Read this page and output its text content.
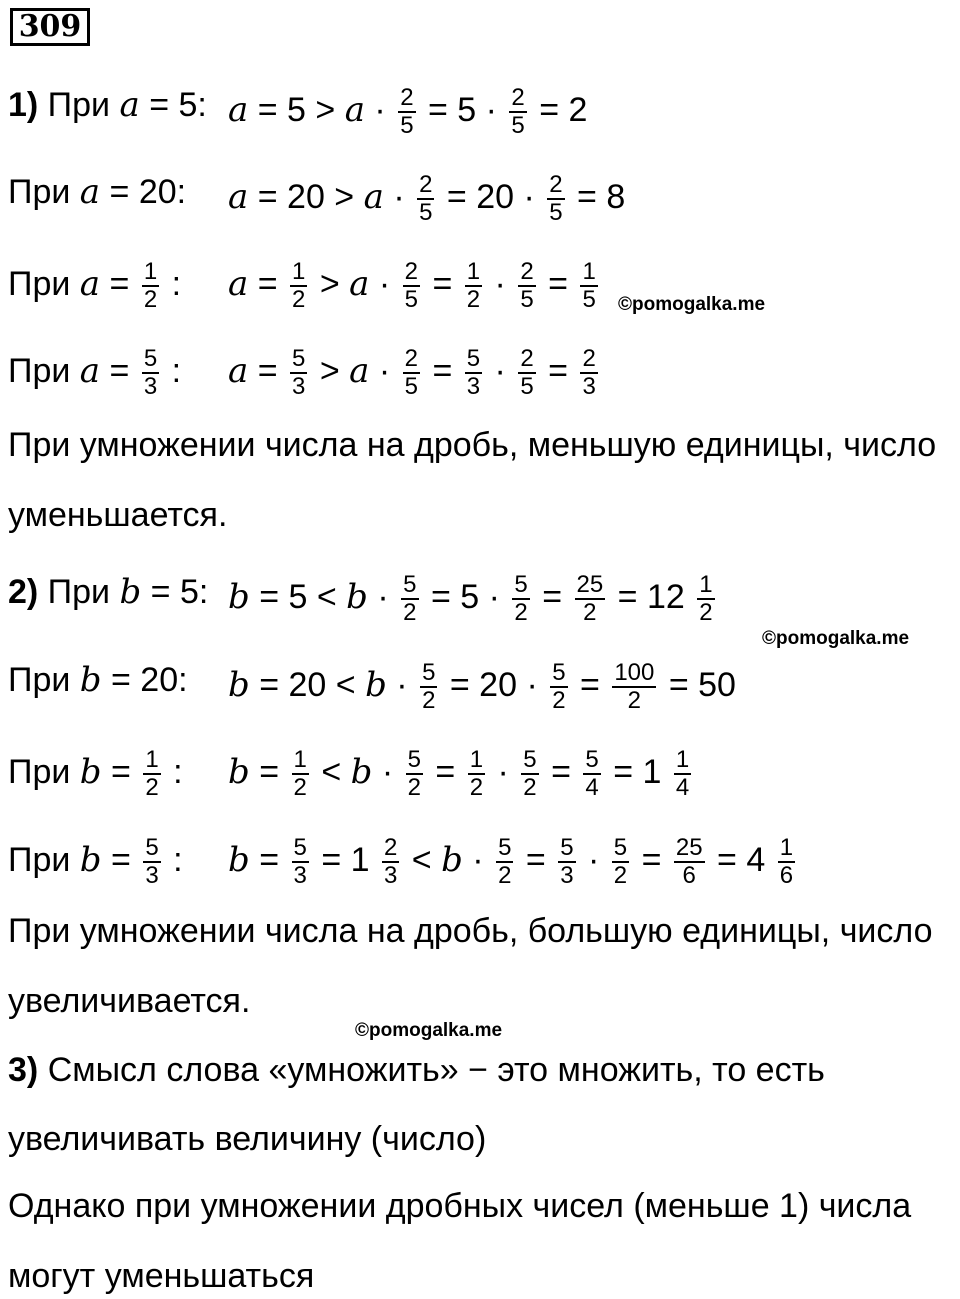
309
1) При a = 5: $a = 5 > a \cdot \frac{2}{5} = 5 \cdot \frac{2}{5} = 2$
При a = 20: $a = 20 > a \cdot \frac{2}{5} = 20 \cdot \frac{2}{5} = 8$
При $a = \frac{1}{2}$ : $a = \frac{1}{2} > a \cdot \frac{2}{5} = \frac{1}{2} \cdot \frac{2}{5} = \frac{1}{5}$ ©pomogalka.me
При $a = \frac{5}{3}$ : $a = \frac{5}{3} > a \cdot \frac{2}{5} = \frac{5}{3} \cdot \frac{2}{5} = \frac{2}{3}$
При умножении числа на дробь, меньшую единицы, число
уменьшается.
2) При b = 5: $b = 5 < b \cdot \frac{5}{2} = 5 \cdot \frac{5}{2} = \frac{25}{2} = 12 \frac{1}{2}$
©pomogalka.me
При b = 20: $b = 20 < b \cdot \frac{5}{2} = 20 \cdot \frac{5}{2} = \frac{100}{2} = 50$
При $b = \frac{1}{2}$ : $b = \frac{1}{2} < b \cdot \frac{5}{2} = \frac{1}{2} \cdot \frac{5}{2} = \frac{5}{4} = 1 \frac{1}{4}$
При $b = \frac{5}{3}$ : $b = \frac{5}{3} = 1 \frac{2}{3} < b \cdot \frac{5}{2} = \frac{5}{3} \cdot \frac{5}{2} = \frac{25}{6} = 4 \frac{1}{6}$
При умножении числа на дробь, большую единицы, число
увеличивается.
©pomogalka.me
3) Смысл слова «умножить» − это множить, то есть
увеличивать величину (число)
Однако при умножении дробных чисел (меньше 1) числа
могут уменьшаться
